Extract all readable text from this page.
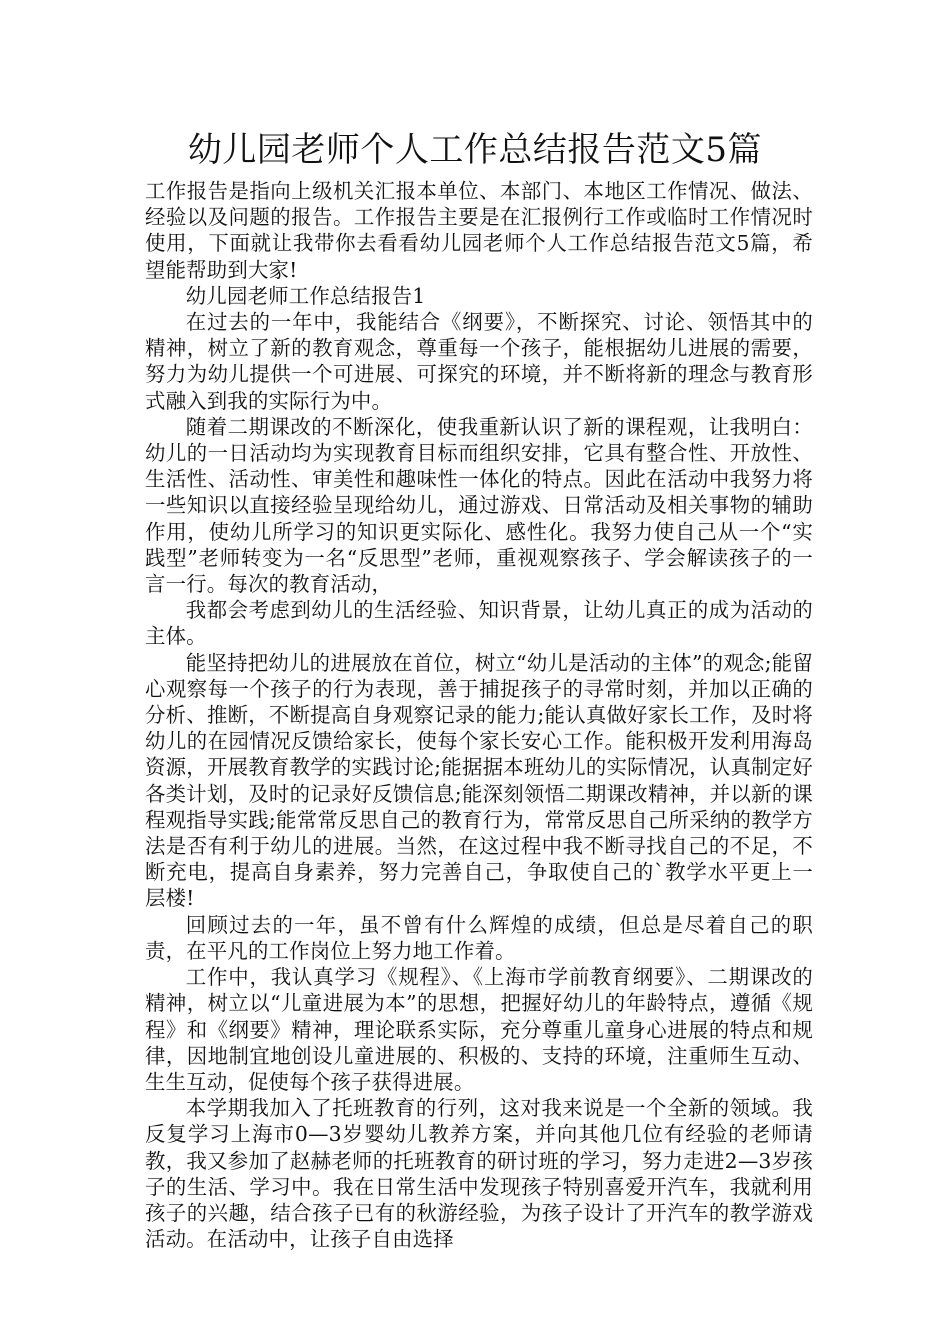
幼儿园老师个人工作总结报告范文5篇

工作报告是指向上级机关汇报本单位、本部门、本地区工作情况、做法、经验以及问题的报告。工作报告主要是在汇报例行工作或临时工作情况时使用，下面就让我带你去看看幼儿园老师个人工作总结报告范文5篇，希望能帮助到大家!

幼儿园老师工作总结报告1

在过去的一年中，我能结合《纲要》，不断探究、讨论、领悟其中的精神，树立了新的教育观念，尊重每一个孩子，能根据幼儿进展的需要，努力为幼儿提供一个可进展、可探究的环境，并不断将新的理念与教育形式融入到我的实际行为中。

随着二期课改的不断深化，使我重新认识了新的课程观，让我明白：幼儿的一日活动均为实现教育目标而组织安排，它具有整合性、开放性、生活性、活动性、审美性和趣味性一体化的特点。因此在活动中我努力将一些知识以直接经验呈现给幼儿，通过游戏、日常活动及相关事物的辅助作用，使幼儿所学习的知识更实际化、感性化。我努力使自己从一个“实践型”老师转变为一名“反思型”老师，重视观察孩子、学会解读孩子的一言一行。每次的教育活动，

我都会考虑到幼儿的生活经验、知识背景，让幼儿真正的成为活动的主体。

能坚持把幼儿的进展放在首位，树立“幼儿是活动的主体”的观念;能留心观察每一个孩子的行为表现，善于捕捉孩子的寻常时刻，并加以正确的分析、推断，不断提高自身观察记录的能力;能认真做好家长工作，及时将幼儿的在园情况反馈给家长，使每个家长安心工作。能积极开发利用海岛资源，开展教育教学的实践讨论;能据据本班幼儿的实际情况，认真制定好各类计划，及时的记录好反馈信息;能深刻领悟二期课改精神，并以新的课程观指导实践;能常常反思自己的教育行为，常常反思自己所采纳的教学方法是否有利于幼儿的进展。当然，在这过程中我不断寻找自己的不足，不断充电，提高自身素养，努力完善自己，争取使自己的`教学水平更上一层楼!

回顾过去的一年，虽不曾有什么辉煌的成绩，但总是尽着自己的职责，在平凡的工作岗位上努力地工作着。

工作中，我认真学习《规程》、《上海市学前教育纲要》、二期课改的精神，树立以“儿童进展为本”的思想，把握好幼儿的年龄特点，遵循《规程》和《纲要》精神，理论联系实际，充分尊重儿童身心进展的特点和规律，因地制宜地创设儿童进展的、积极的、支持的环境，注重师生互动、生生互动，促使每个孩子获得进展。

本学期我加入了托班教育的行列，这对我来说是一个全新的领域。我反复学习上海市0—3岁婴幼儿教养方案，并向其他几位有经验的老师请教，我又参加了赵赫老师的托班教育的研讨班的学习，努力走进2—3岁孩子的生活、学习中。我在日常生活中发现孩子特别喜爱开汽车，我就利用孩子的兴趣，结合孩子已有的秋游经验，为孩子设计了开汽车的教学游戏活动。在活动中，让孩子自由选择
